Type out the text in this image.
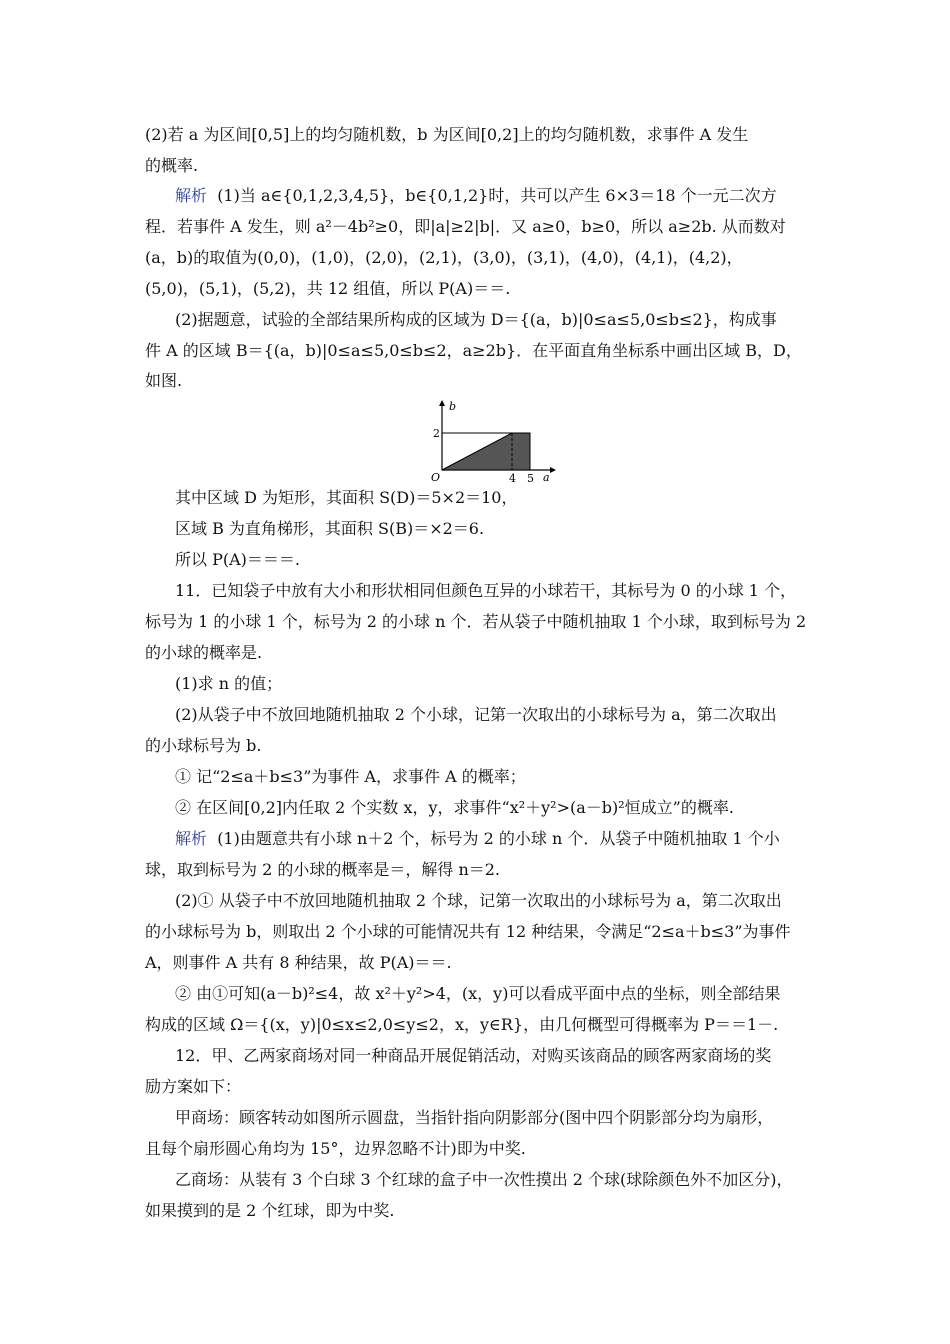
(2)若 a 为区间[0,5]上的均匀随机数，b 为区间[0,2]上的均匀随机数，求事件 A 发生
的概率.
解析 (1)当 a∈{0,1,2,3,4,5}，b∈{0,1,2}时，共可以产生 6×3＝18 个一元二次方
程．若事件 A 发生，则 a²－4b²≥0，即|a|≥2|b|．又 a≥0，b≥0，所以 a≥2b. 从而数对
(a，b)的取值为(0,0)，(1,0)，(2,0)，(2,1)，(3,0)，(3,1)，(4,0)，(4,1)，(4,2)，
(5,0)，(5,1)，(5,2)，共 12 组值，所以 P(A)＝＝.
(2)据题意，试验的全部结果所构成的区域为 D＝{(a，b)|0≤a≤5,0≤b≤2}，构成事
件 A 的区域 B＝{(a，b)|0≤a≤5,0≤b≤2，a≥2b}．在平面直角坐标系中画出区域 B，D，
如图.
b
2
O	4 5 a
其中区域 D 为矩形，其面积 S(D)＝5×2＝10，
区域 B 为直角梯形，其面积 S(B)＝×2＝6.
所以 P(A)＝＝＝.
11．已知袋子中放有大小和形状相同但颜色互异的小球若干，其标号为 0 的小球 1 个，
标号为 1 的小球 1 个，标号为 2 的小球 n 个．若从袋子中随机抽取 1 个小球，取到标号为 2
的小球的概率是.
(1)求 n 的值；
(2)从袋子中不放回地随机抽取 2 个小球，记第一次取出的小球标号为 a，第二次取出
的小球标号为 b.
① 记“2≤a＋b≤3”为事件 A，求事件 A 的概率；
② 在区间[0,2]内任取 2 个实数 x，y，求事件“x²＋y²>(a－b)²恒成立”的概率.
解析 (1)由题意共有小球 n＋2 个，标号为 2 的小球 n 个．从袋子中随机抽取 1 个小
球，取到标号为 2 的小球的概率是＝，解得 n＝2.
(2)① 从袋子中不放回地随机抽取 2 个球，记第一次取出的小球标号为 a，第二次取出
的小球标号为 b，则取出 2 个小球的可能情况共有 12 种结果，令满足“2≤a＋b≤3”为事件
A，则事件 A 共有 8 种结果，故 P(A)＝＝.
② 由①可知(a－b)²≤4，故 x²＋y²>4，(x，y)可以看成平面中点的坐标，则全部结果
构成的区域 Ω＝{(x，y)|0≤x≤2,0≤y≤2，x，y∈R}，由几何概型可得概率为 P＝＝1－.
12．甲、乙两家商场对同一种商品开展促销活动，对购买该商品的顾客两家商场的奖
励方案如下：
甲商场：顾客转动如图所示圆盘，当指针指向阴影部分(图中四个阴影部分均为扇形，
且每个扇形圆心角均为 15°，边界忽略不计)即为中奖.
乙商场：从装有 3 个白球 3 个红球的盒子中一次性摸出 2 个球(球除颜色外不加区分)，
如果摸到的是 2 个红球，即为中奖.
